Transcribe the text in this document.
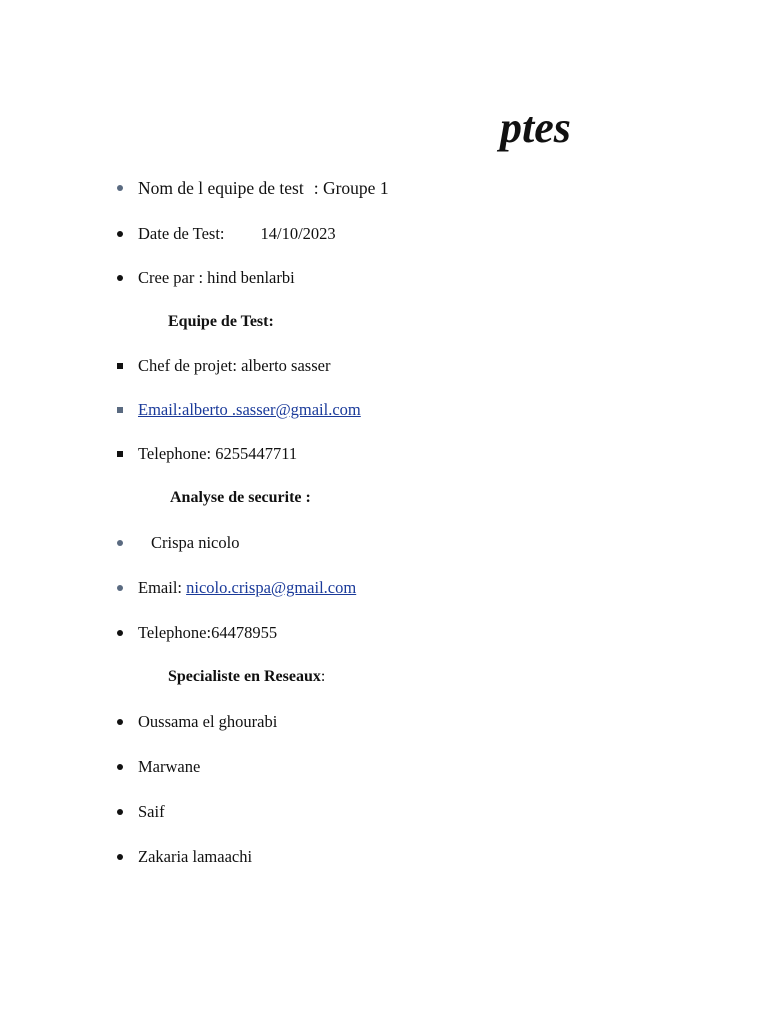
ptes
Nom de l equipe de test : Groupe 1
Date de Test: 14/10/2023
Cree par : hind benlarbi
Equipe de Test:
Chef de projet: alberto sasser
Email:alberto .sasser@gmail.com
Telephone: 6255447711
Analyse de securite :
Crispa nicolo
Email: nicolo.crispa@gmail.com
Telephone:64478955
Specialiste en Reseaux:
Oussama el ghourabi
Marwane
Saif
Zakaria lamaachi
